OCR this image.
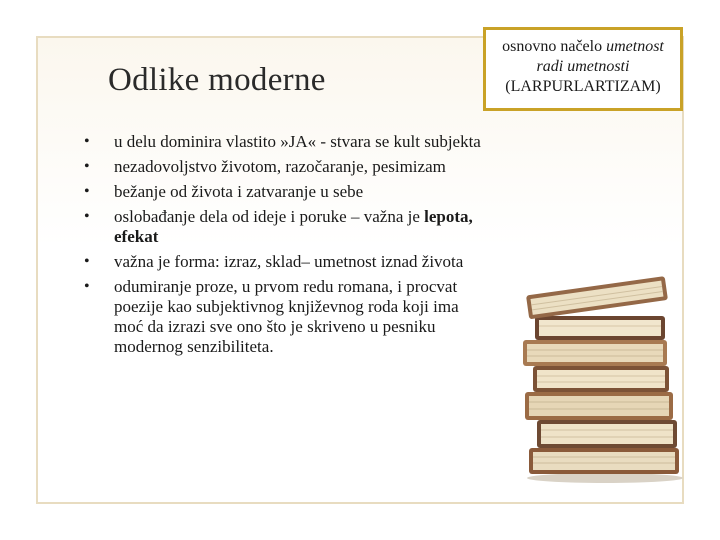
Odlike moderne
• u delu dominira vlastito »JA« - stvara se kult subjekta
• nezadovoljstvo životom, razočaranje, pesimizam
• bežanje od života i zatvaranje u sebe
• oslobađanje dela od ideje i poruke – važna je lepota, efekat
• važna je forma: izraz, sklad– umetnost iznad života
• odumiranje proze, u prvom redu romana, i procvat poezije kao subjektivnog književnog roda koji ima moć da izrazi sve ono što je skriveno u pesniku modernog senzibiliteta.
osnovno načelo umetnost
radi umetnosti
(LARPURLARTIZAM)
